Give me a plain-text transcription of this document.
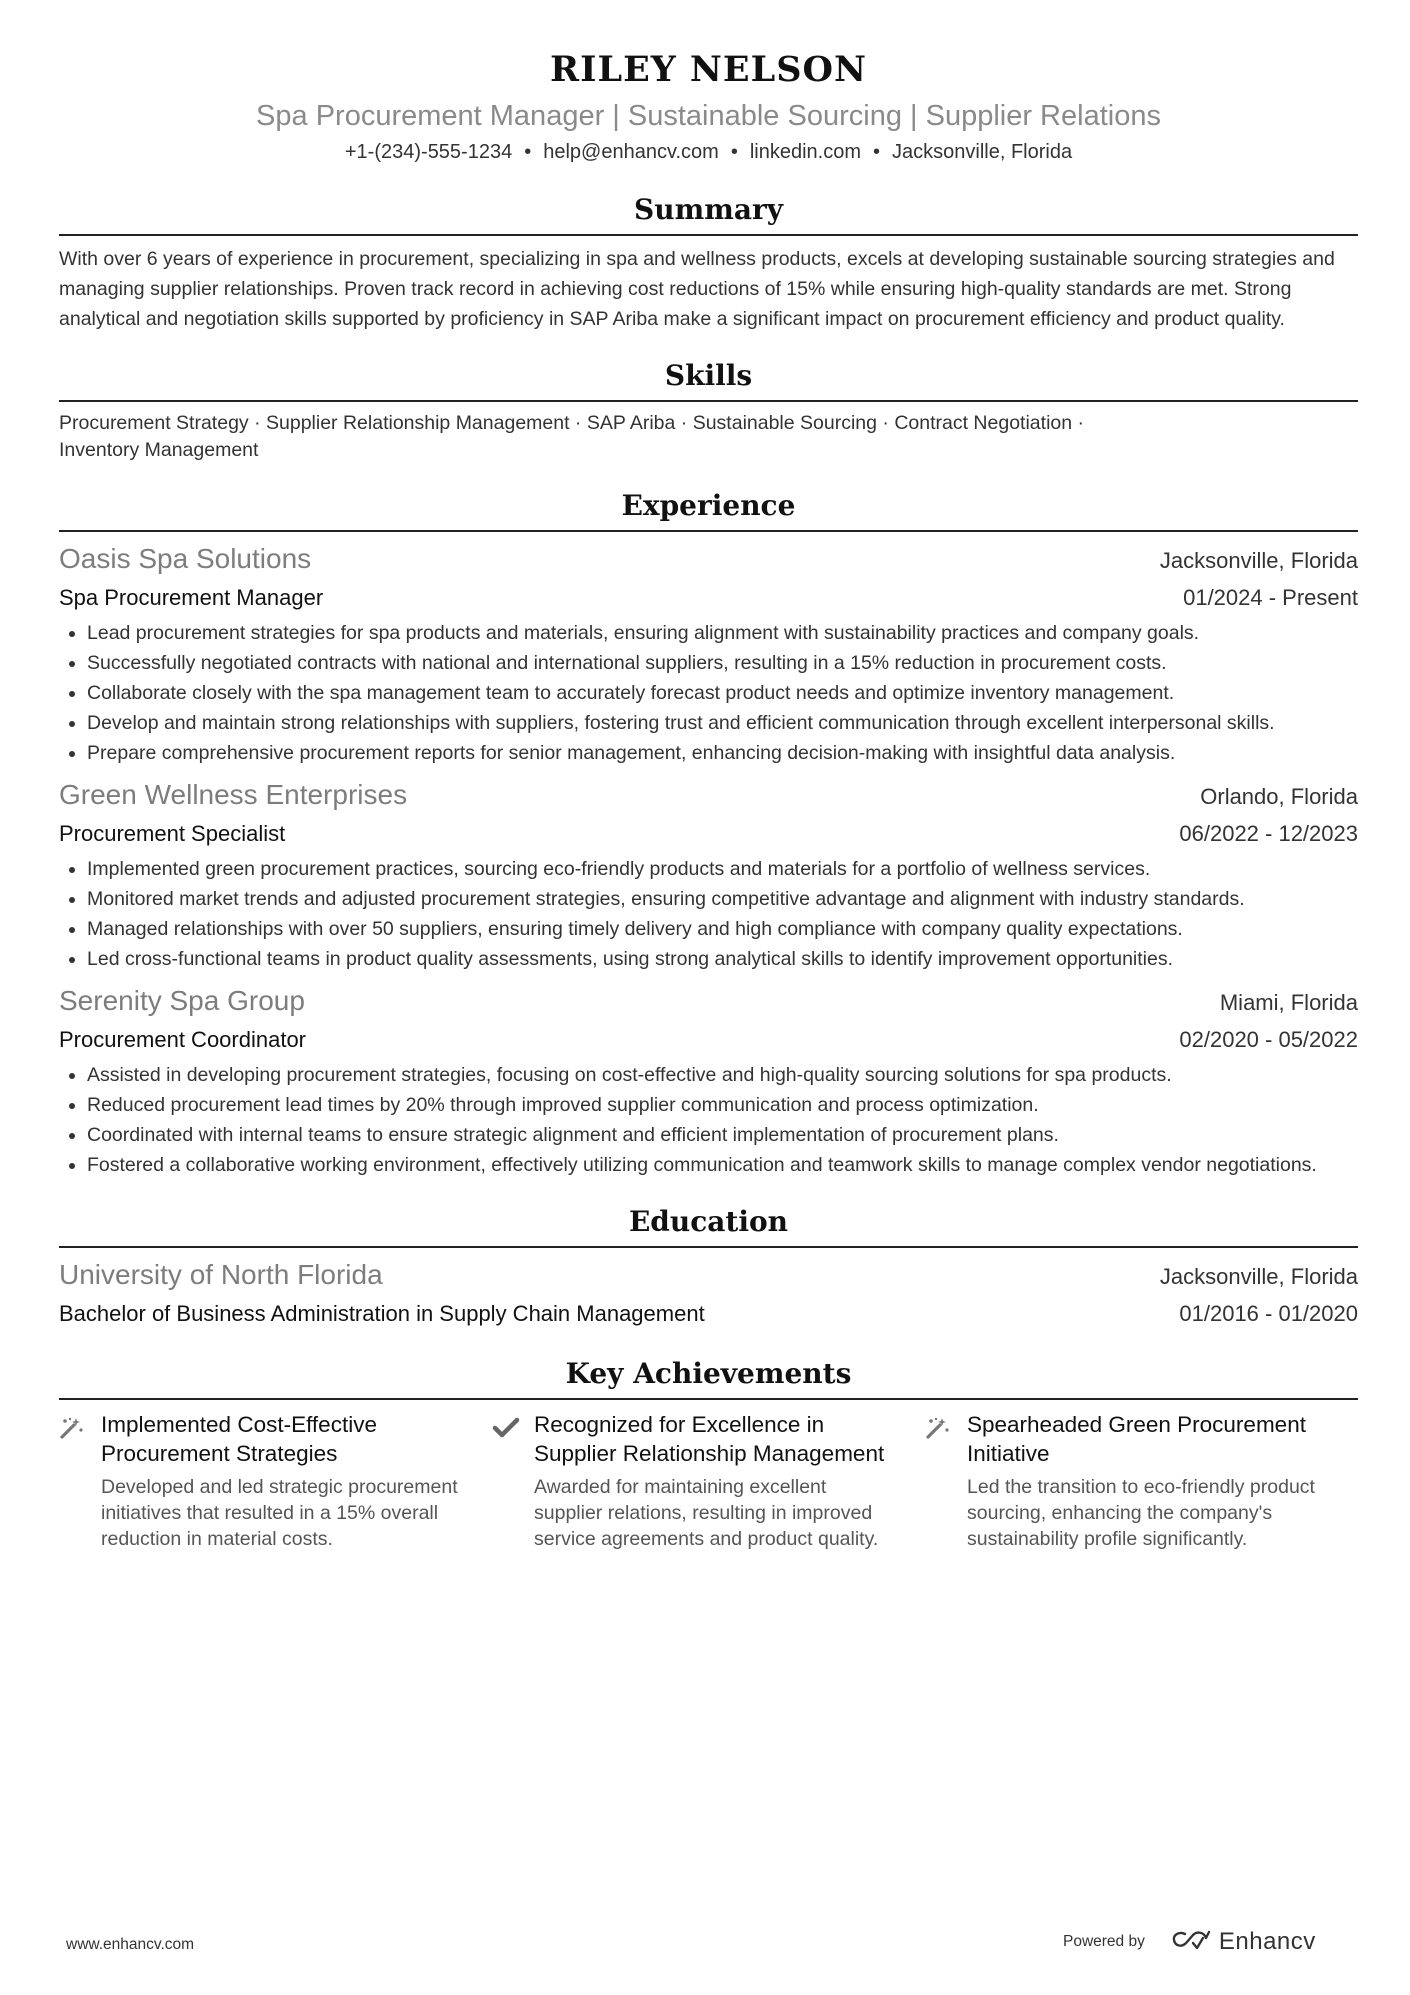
RILEY NELSON
Spa Procurement Manager | Sustainable Sourcing | Supplier Relations
+1-(234)-555-1234 • help@enhancv.com • linkedin.com • Jacksonville, Florida
Summary
With over 6 years of experience in procurement, specializing in spa and wellness products, excels at developing sustainable sourcing strategies and managing supplier relationships. Proven track record in achieving cost reductions of 15% while ensuring high-quality standards are met. Strong analytical and negotiation skills supported by proficiency in SAP Ariba make a significant impact on procurement efficiency and product quality.
Skills
Procurement Strategy · Supplier Relationship Management · SAP Ariba · Sustainable Sourcing · Contract Negotiation ·
Inventory Management
Experience
Oasis Spa Solutions	Jacksonville, Florida
Spa Procurement Manager	01/2024 - Present
• Lead procurement strategies for spa products and materials, ensuring alignment with sustainability practices and company goals.
• Successfully negotiated contracts with national and international suppliers, resulting in a 15% reduction in procurement costs.
• Collaborate closely with the spa management team to accurately forecast product needs and optimize inventory management.
• Develop and maintain strong relationships with suppliers, fostering trust and efficient communication through excellent interpersonal skills.
• Prepare comprehensive procurement reports for senior management, enhancing decision-making with insightful data analysis.
Green Wellness Enterprises	Orlando, Florida
Procurement Specialist	06/2022 - 12/2023
• Implemented green procurement practices, sourcing eco-friendly products and materials for a portfolio of wellness services.
• Monitored market trends and adjusted procurement strategies, ensuring competitive advantage and alignment with industry standards.
• Managed relationships with over 50 suppliers, ensuring timely delivery and high compliance with company quality expectations.
• Led cross-functional teams in product quality assessments, using strong analytical skills to identify improvement opportunities.
Serenity Spa Group	Miami, Florida
Procurement Coordinator	02/2020 - 05/2022
• Assisted in developing procurement strategies, focusing on cost-effective and high-quality sourcing solutions for spa products.
• Reduced procurement lead times by 20% through improved supplier communication and process optimization.
• Coordinated with internal teams to ensure strategic alignment and efficient implementation of procurement plans.
• Fostered a collaborative working environment, effectively utilizing communication and teamwork skills to manage complex vendor negotiations.
Education
University of North Florida	Jacksonville, Florida
Bachelor of Business Administration in Supply Chain Management	01/2016 - 01/2020
Key Achievements
Implemented Cost-Effective Procurement Strategies
Developed and led strategic procurement initiatives that resulted in a 15% overall reduction in material costs.
Recognized for Excellence in Supplier Relationship Management
Awarded for maintaining excellent supplier relations, resulting in improved service agreements and product quality.
Spearheaded Green Procurement Initiative
Led the transition to eco-friendly product sourcing, enhancing the company's sustainability profile significantly.
www.enhancv.com	Powered by	Enhancv
